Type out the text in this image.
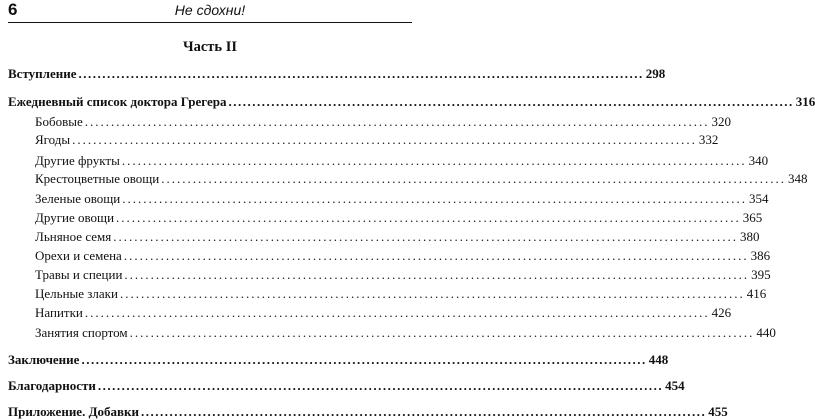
6	Не сдохни!
Часть II
Вступление ....................................................................................................................... 298
Ежедневный список доктора Грегера ....................................................................................................................... 316
Бобовые ....................................................................................................................... 320
Ягоды ....................................................................................................................... 332
Другие фрукты ....................................................................................................................... 340
Крестоцветные овощи ....................................................................................................................... 348
Зеленые овощи ....................................................................................................................... 354
Другие овощи ....................................................................................................................... 365
Льняное семя ....................................................................................................................... 380
Орехи и семена ....................................................................................................................... 386
Травы и специи ....................................................................................................................... 395
Цельные злаки ....................................................................................................................... 416
Напитки ....................................................................................................................... 426
Занятия спортом ....................................................................................................................... 440
Заключение ....................................................................................................................... 448
Благодарности ....................................................................................................................... 454
Приложение. Добавки ....................................................................................................................... 455
